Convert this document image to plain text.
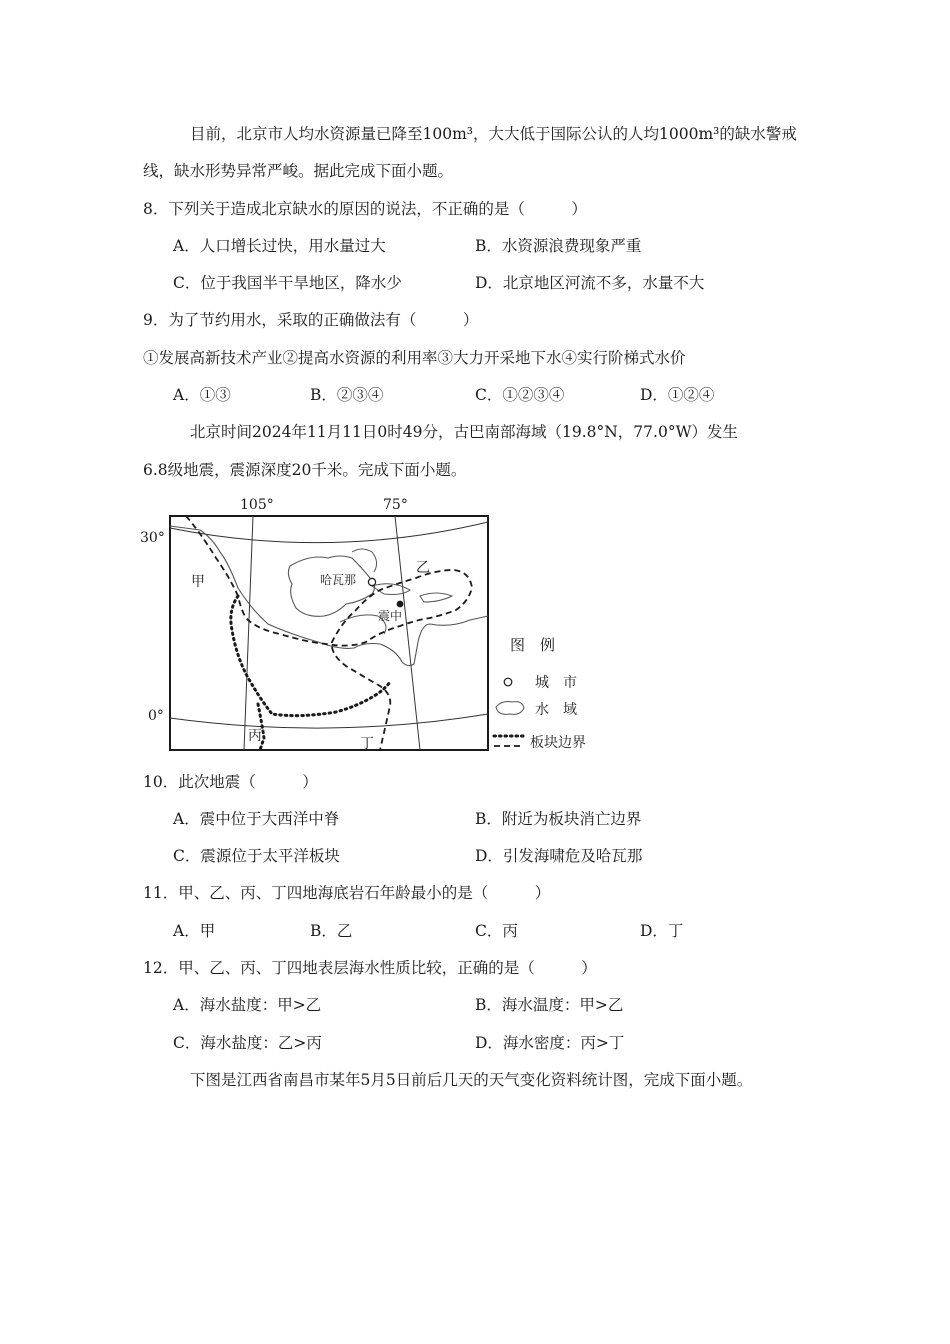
目前，北京市人均水资源量已降至100m³，大大低于国际公认的人均1000m³的缺水警戒
线，缺水形势异常严峻。据此完成下面小题。
8．下列关于造成北京缺水的原因的说法，不正确的是（　　　）
A．人口增长过快，用水量过大	B．水资源浪费现象严重
C．位于我国半干旱地区，降水少	D．北京地区河流不多，水量不大
9．为了节约用水，采取的正确做法有（　　　）
①发展高新技术产业②提高水资源的利用率③大力开采地下水④实行阶梯式水价
A．①③	B．②③④	C．①②③④	D．①②④
北京时间2024年11月11日0时49分，古巴南部海域（19.8°N，77.0°W）发生
6.8级地震，震源深度20千米。完成下面小题。
105°	75°
30°
0°
甲
乙
丙	丁
哈瓦那
震中
图　例
城　市
水　域
板块边界
10．此次地震（　　　）
A．震中位于大西洋中脊	B．附近为板块消亡边界
C．震源位于太平洋板块	D．引发海啸危及哈瓦那
11．甲、乙、丙、丁四地海底岩石年龄最小的是（　　　）
A．甲	B．乙	C．丙	D．丁
12．甲、乙、丙、丁四地表层海水性质比较，正确的是（　　　）
A．海水盐度：甲>乙	B．海水温度：甲>乙
C．海水盐度：乙>丙	D．海水密度：丙>丁
下图是江西省南昌市某年5月5日前后几天的天气变化资料统计图，完成下面小题。
